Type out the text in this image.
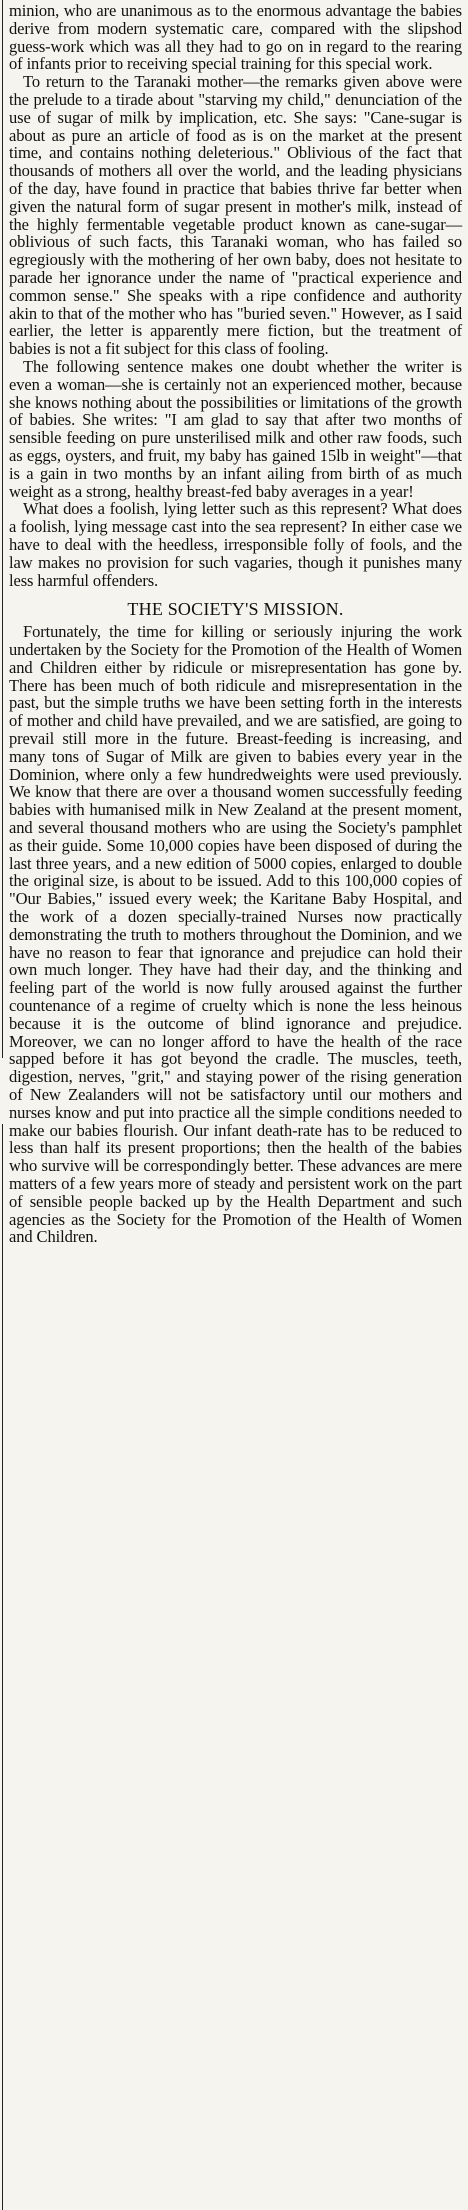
minion, who are unanimous as to the enormous advantage the babies derive from modern systematic care, compared with the slipshod guess-work which was all they had to go on in regard to the rearing of infants prior to receiving special training for this special work.

To return to the Taranaki mother—the remarks given above were the prelude to a tirade about "starving my child," denunciation of the use of sugar of milk by implication, etc. She says: "Cane-sugar is about as pure an article of food as is on the market at the present time, and contains nothing deleterious." Oblivious of the fact that thousands of mothers all over the world, and the leading physicians of the day, have found in practice that babies thrive far better when given the natural form of sugar present in mother's milk, instead of the highly fermentable vegetable product known as cane-sugar—oblivious of such facts, this Taranaki woman, who has failed so egregiously with the mothering of her own baby, does not hesitate to parade her ignorance under the name of "practical experience and common sense." She speaks with a ripe confidence and authority akin to that of the mother who has "buried seven." However, as I said earlier, the letter is apparently mere fiction, but the treatment of babies is not a fit subject for this class of fooling.

The following sentence makes one doubt whether the writer is even a woman—she is certainly not an experienced mother, because she knows nothing about the possibilities or limitations of the growth of babies. She writes: "I am glad to say that after two months of sensible feeding on pure unsterilised milk and other raw foods, such as eggs, oysters, and fruit, my baby has gained 15lb in weight"—that is a gain in two months by an infant ailing from birth of as much weight as a strong, healthy breast-fed baby averages in a year!

What does a foolish, lying letter such as this represent? What does a foolish, lying message cast into the sea represent? In either case we have to deal with the heedless, irresponsible folly of fools, and the law makes no provision for such vagaries, though it punishes many less harmful offenders.

THE SOCIETY'S MISSION.

Fortunately, the time for killing or seriously injuring the work undertaken by the Society for the Promotion of the Health of Women and Children either by ridicule or misrepresentation has gone by. There has been much of both ridicule and misrepresentation in the past, but the simple truths we have been setting forth in the interests of mother and child have prevailed, and we are satisfied, are going to prevail still more in the future. Breast-feeding is increasing, and many tons of Sugar of Milk are given to babies every year in the Dominion, where only a few hundredweights were used previously. We know that there are over a thousand women successfully feeding babies with humanised milk in New Zealand at the present moment, and several thousand mothers who are using the Society's pamphlet as their guide. Some 10,000 copies have been disposed of during the last three years, and a new edition of 5000 copies, enlarged to double the original size, is about to be issued. Add to this 100,000 copies of "Our Babies," issued every week; the Karitane Baby Hospital, and the work of a dozen specially-trained Nurses now practically demonstrating the truth to mothers throughout the Dominion, and we have no reason to fear that ignorance and prejudice can hold their own much longer. They have had their day, and the thinking and feeling part of the world is now fully aroused against the further countenance of a regime of cruelty which is none the less heinous because it is the outcome of blind ignorance and prejudice. Moreover, we can no longer afford to have the health of the race sapped before it has got beyond the cradle. The muscles, teeth, digestion, nerves, "grit," and staying power of the rising generation of New Zealanders will not be satisfactory until our mothers and nurses know and put into practice all the simple conditions needed to make our babies flourish. Our infant death-rate has to be reduced to less than half its present proportions; then the health of the babies who survive will be correspondingly better. These advances are mere matters of a few years more of steady and persistent work on the part of sensible people backed up by the Health Department and such agencies as the Society for the Promotion of the Health of Women and Children.
